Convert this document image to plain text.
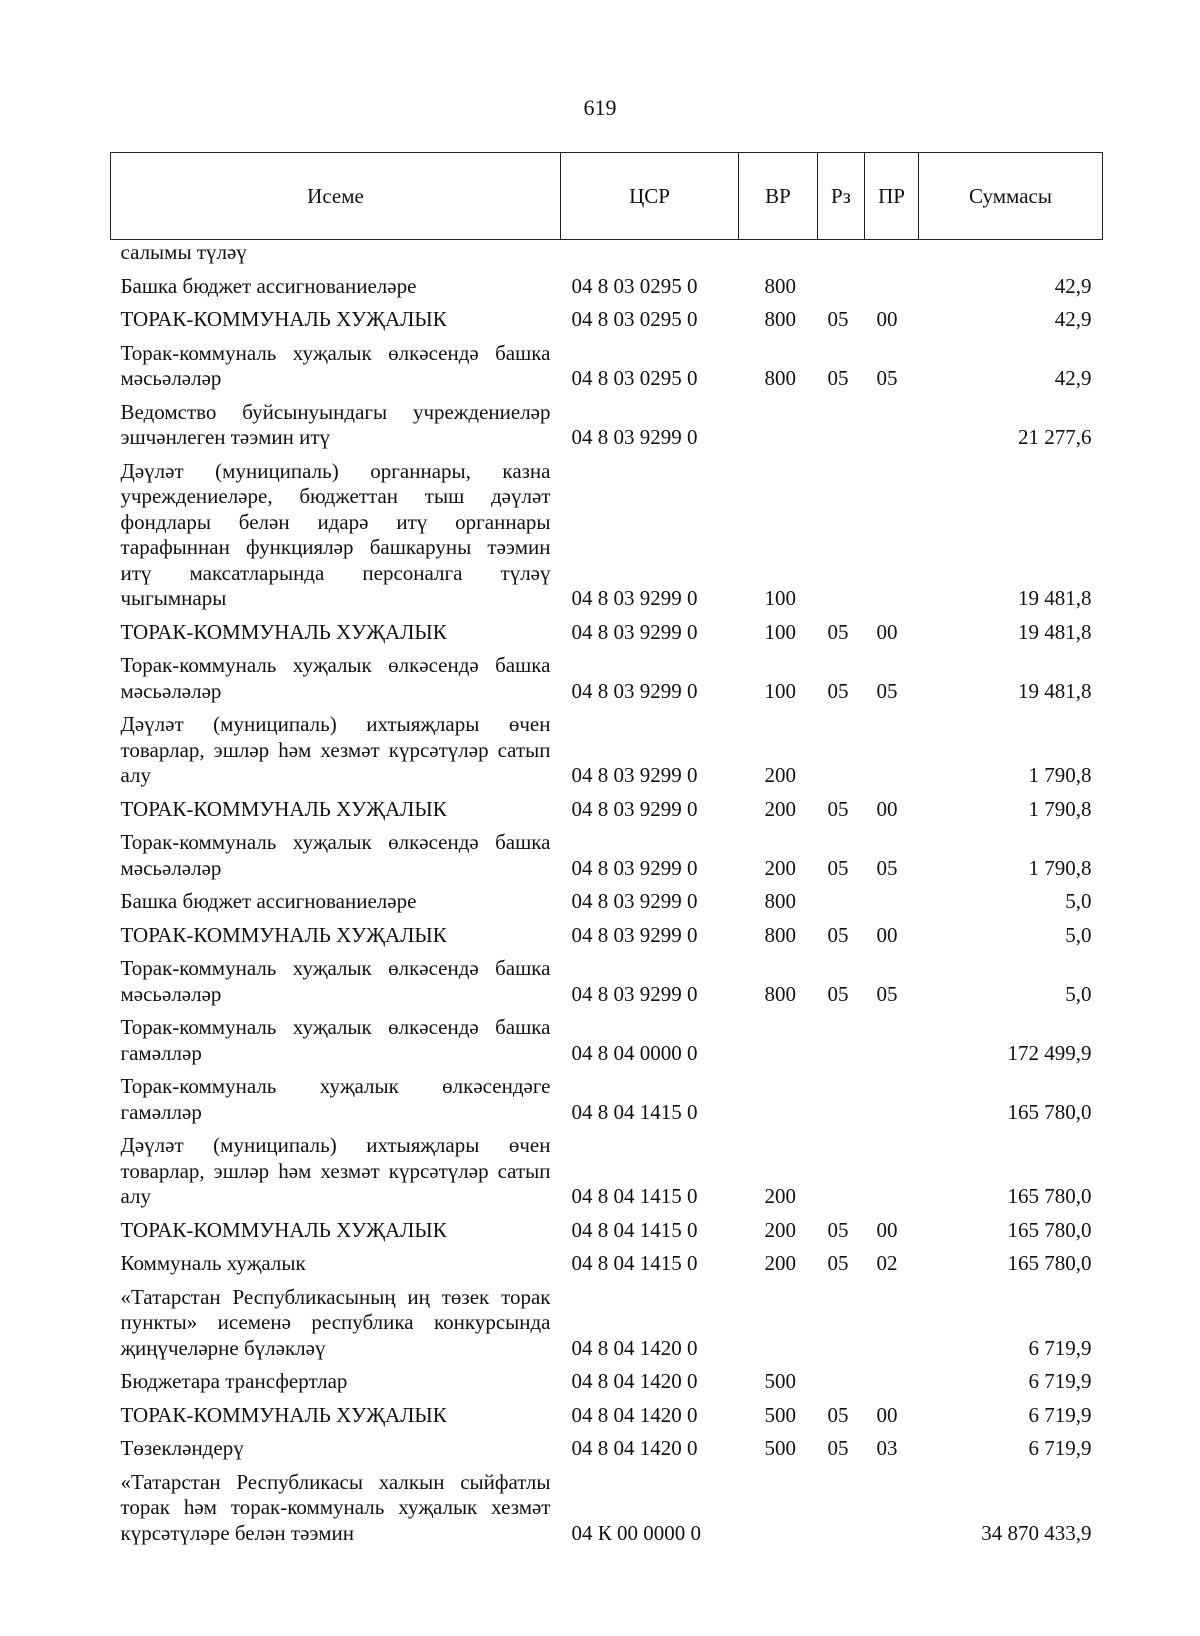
619
Исеме	ЦСР	ВР	Рз	ПР	Суммасы
салымы түләү					
Башка бюджет ассигнованиеләре	04 8 03 0295 0	800			42,9
ТОРАК-КОММУНАЛЬ ХУҖАЛЫК	04 8 03 0295 0	800	05	00	42,9
Торак-коммуналь хуҗалык өлкәсендә башка мәсьәләләр	04 8 03 0295 0	800	05	05	42,9
Ведомство буйсынуындагы учреждениеләр эшчәнлеген тәэмин итү	04 8 03 9299 0				21 277,6
Дәүләт (муниципаль) органнары, казна учреждениеләре, бюджеттан тыш дәүләт фондлары белән идарә итү органнары тарафыннан функцияләр башкаруны тәэмин итү максатларында персоналга түләү чыгымнары	04 8 03 9299 0	100			19 481,8
ТОРАК-КОММУНАЛЬ ХУҖАЛЫК	04 8 03 9299 0	100	05	00	19 481,8
Торак-коммуналь хуҗалык өлкәсендә башка мәсьәләләр	04 8 03 9299 0	100	05	05	19 481,8
Дәүләт (муниципаль) ихтыяҗлары өчен товарлар, эшләр һәм хезмәт күрсәтүләр сатып алу	04 8 03 9299 0	200			1 790,8
ТОРАК-КОММУНАЛЬ ХУҖАЛЫК	04 8 03 9299 0	200	05	00	1 790,8
Торак-коммуналь хуҗалык өлкәсендә башка мәсьәләләр	04 8 03 9299 0	200	05	05	1 790,8
Башка бюджет ассигнованиеләре	04 8 03 9299 0	800			5,0
ТОРАК-КОММУНАЛЬ ХУҖАЛЫК	04 8 03 9299 0	800	05	00	5,0
Торак-коммуналь хуҗалык өлкәсендә башка мәсьәләләр	04 8 03 9299 0	800	05	05	5,0
Торак-коммуналь хуҗалык өлкәсендә башка гамәлләр	04 8 04 0000 0				172 499,9
Торак-коммуналь хуҗалык өлкәсендәге гамәлләр	04 8 04 1415 0				165 780,0
Дәүләт (муниципаль) ихтыяҗлары өчен товарлар, эшләр һәм хезмәт күрсәтүләр сатып алу	04 8 04 1415 0	200			165 780,0
ТОРАК-КОММУНАЛЬ ХУҖАЛЫК	04 8 04 1415 0	200	05	00	165 780,0
Коммуналь хуҗалык	04 8 04 1415 0	200	05	02	165 780,0
«Татарстан Республикасының иң төзек торак пункты» исеменә республика конкурсында җиңүчеләрне бүләкләү	04 8 04 1420 0				6 719,9
Бюджетара трансфертлар	04 8 04 1420 0	500			6 719,9
ТОРАК-КОММУНАЛЬ ХУҖАЛЫК	04 8 04 1420 0	500	05	00	6 719,9
Төзекләндерү	04 8 04 1420 0	500	05	03	6 719,9
«Татарстан Республикасы халкын сыйфатлы торак һәм торак-коммуналь хуҗалык хезмәт күрсәтүләре белән тәэмин	04 К 00 0000 0				34 870 433,9
